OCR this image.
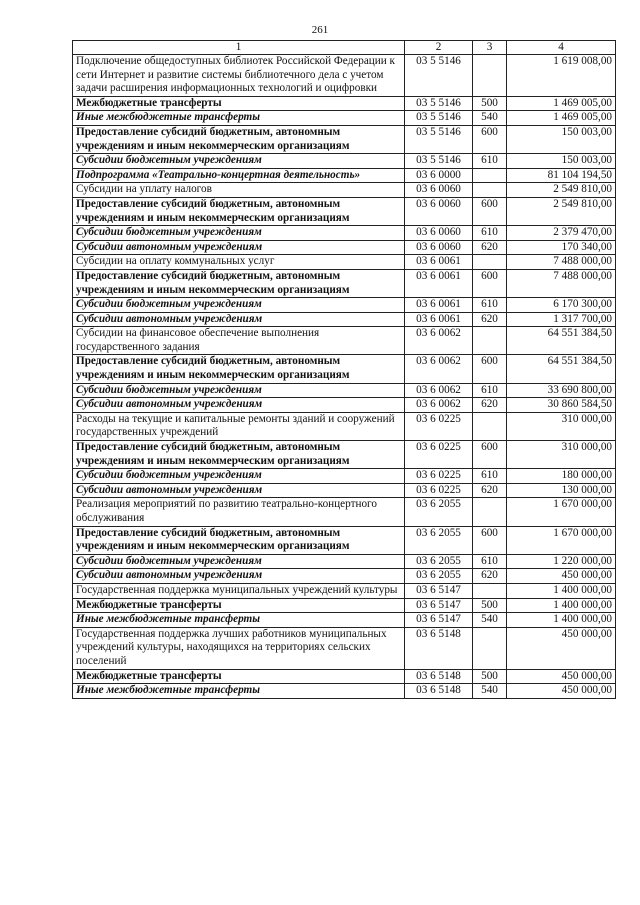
261
1	2	3	4
Подключение общедоступных библиотек Российской Федерации к сети Интернет и развитие системы библиотечного дела с учетом задачи расширения информационных технологий и оцифровки	03 5 5146		1 619 008,00
Межбюджетные трансферты	03 5 5146	500	1 469 005,00
Иные межбюджетные трансферты	03 5 5146	540	1 469 005,00
Предоставление субсидий бюджетным, автономным учреждениям и иным некоммерческим организациям	03 5 5146	600	150 003,00
Субсидии бюджетным учреждениям	03 5 5146	610	150 003,00
Подпрограмма «Театрально-концертная деятельность»	03 6 0000		81 104 194,50
Субсидии на уплату налогов	03 6 0060		2 549 810,00
Предоставление субсидий бюджетным, автономным учреждениям и иным некоммерческим организациям	03 6 0060	600	2 549 810,00
Субсидии бюджетным учреждениям	03 6 0060	610	2 379 470,00
Субсидии автономным учреждениям	03 6 0060	620	170 340,00
Субсидии на оплату коммунальных услуг	03 6 0061		7 488 000,00
Предоставление субсидий бюджетным, автономным учреждениям и иным некоммерческим организациям	03 6 0061	600	7 488 000,00
Субсидии бюджетным учреждениям	03 6 0061	610	6 170 300,00
Субсидии автономным учреждениям	03 6 0061	620	1 317 700,00
Субсидии на финансовое обеспечение выполнения государственного задания	03 6 0062		64 551 384,50
Предоставление субсидий бюджетным, автономным учреждениям и иным некоммерческим организациям	03 6 0062	600	64 551 384,50
Субсидии бюджетным учреждениям	03 6 0062	610	33 690 800,00
Субсидии автономным учреждениям	03 6 0062	620	30 860 584,50
Расходы на текущие и капитальные ремонты зданий и сооружений государственных учреждений	03 6 0225		310 000,00
Предоставление субсидий бюджетным, автономным учреждениям и иным некоммерческим организациям	03 6 0225	600	310 000,00
Субсидии бюджетным учреждениям	03 6 0225	610	180 000,00
Субсидии автономным учреждениям	03 6 0225	620	130 000,00
Реализация мероприятий по развитию театрально-концертного обслуживания	03 6 2055		1 670 000,00
Предоставление субсидий бюджетным, автономным учреждениям и иным некоммерческим организациям	03 6 2055	600	1 670 000,00
Субсидии бюджетным учреждениям	03 6 2055	610	1 220 000,00
Субсидии автономным учреждениям	03 6 2055	620	450 000,00
Государственная поддержка муниципальных учреждений культуры	03 6 5147		1 400 000,00
Межбюджетные трансферты	03 6 5147	500	1 400 000,00
Иные межбюджетные трансферты	03 6 5147	540	1 400 000,00
Государственная поддержка лучших работников муниципальных учреждений культуры, находящихся на территориях сельских поселений	03 6 5148		450 000,00
Межбюджетные трансферты	03 6 5148	500	450 000,00
Иные межбюджетные трансферты	03 6 5148	540	450 000,00
